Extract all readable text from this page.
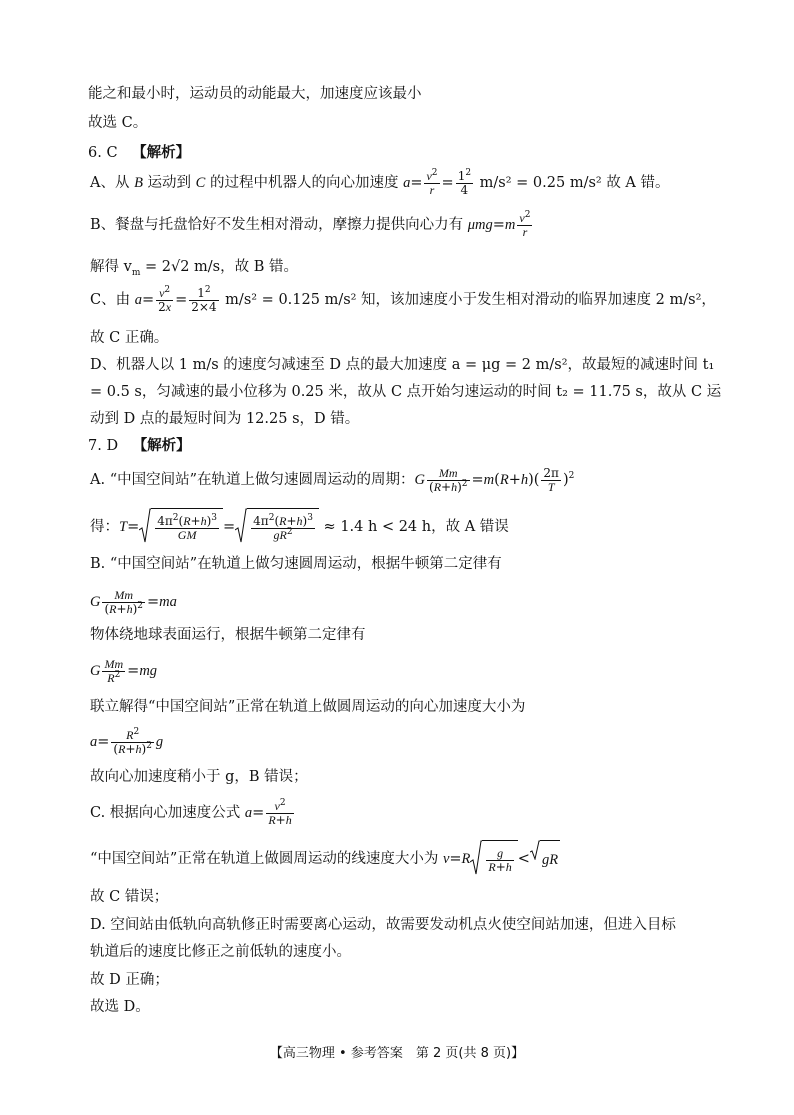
能之和最小时，运动员的动能最大，加速度应该最小
故选 C。
6. C 【解析】
A、从 B 运动到 C 的过程中机器人的向心加速度 $a= \frac{v^2}{r} = \frac{1^2}{4} m/s^2 = 0.25$ m/s² 故 A 错。
B、餐盘与托盘恰好不发生相对滑动，摩擦力提供向心力有 $\mu mg=m \frac{v^2}{r}$
解得 $v_m = 2√2$ m/s，故 B 错。
C、由 $a= \frac{v^2}{2x} = \frac{1^2}{2\times 4} m/s^2 = 0.125$ m/s² 知，该加速度小于发生相对滑动的临界加速度 2 m/s²，
故 C 正确。
D、机器人以 1 m/s 的速度匀减速至 D 点的最大加速度 a = μg = 2 m/s²，故最短的减速时间 t₁
= 0.5 s，匀减速的最小位移为 0.25 米，故从 C 点开始匀速运动的时间 t₂ = 11.75 s，故从 C 运
动到 D 点的最短时间为 12.25 s，D 错。
7. D 【解析】
A. “中国空间站”在轨道上做匀速圆周运动的周期：G $\frac{Mm}{(R+h)^2} =m(R+h)( \frac{2\pi}{T} )^2$
得：$T= \frac{4\pi^2(R+h)^3}{GM} = \frac{4\pi^2(R+h)^3}{gR^2} \approx 1.4$ h < 24 h，故 A 错误
B. “中国空间站”在轨道上做匀速圆周运动，根据牛顿第二定律有
G $\frac{Mm}{(R+h)^2} =ma$
物体绕地球表面运行，根据牛顿第二定律有
G $\frac{Mm}{R^2} =mg$
联立解得“中国空间站”正常在轨道上做圆周运动的向心加速度大小为
$a= \frac{R^2}{(R+h)^2}$ g
故向心加速度稍小于 g，B 错误；
C. 根据向心加速度公式 $a= \frac{v^2}{R+h}$
“中国空间站”正常在轨道上做圆周运动的线速度大小为 $v=R \frac{g}{R+h}$ < gR
故 C 错误；
D. 空间站由低轨向高轨修正时需要离心运动，故需要发动机点火使空间站加速，但进入目标
轨道后的速度比修正之前低轨的速度小。
故 D 正确；
故选 D。
【高三物理 • 参考答案　第 2 页(共 8 页)】
